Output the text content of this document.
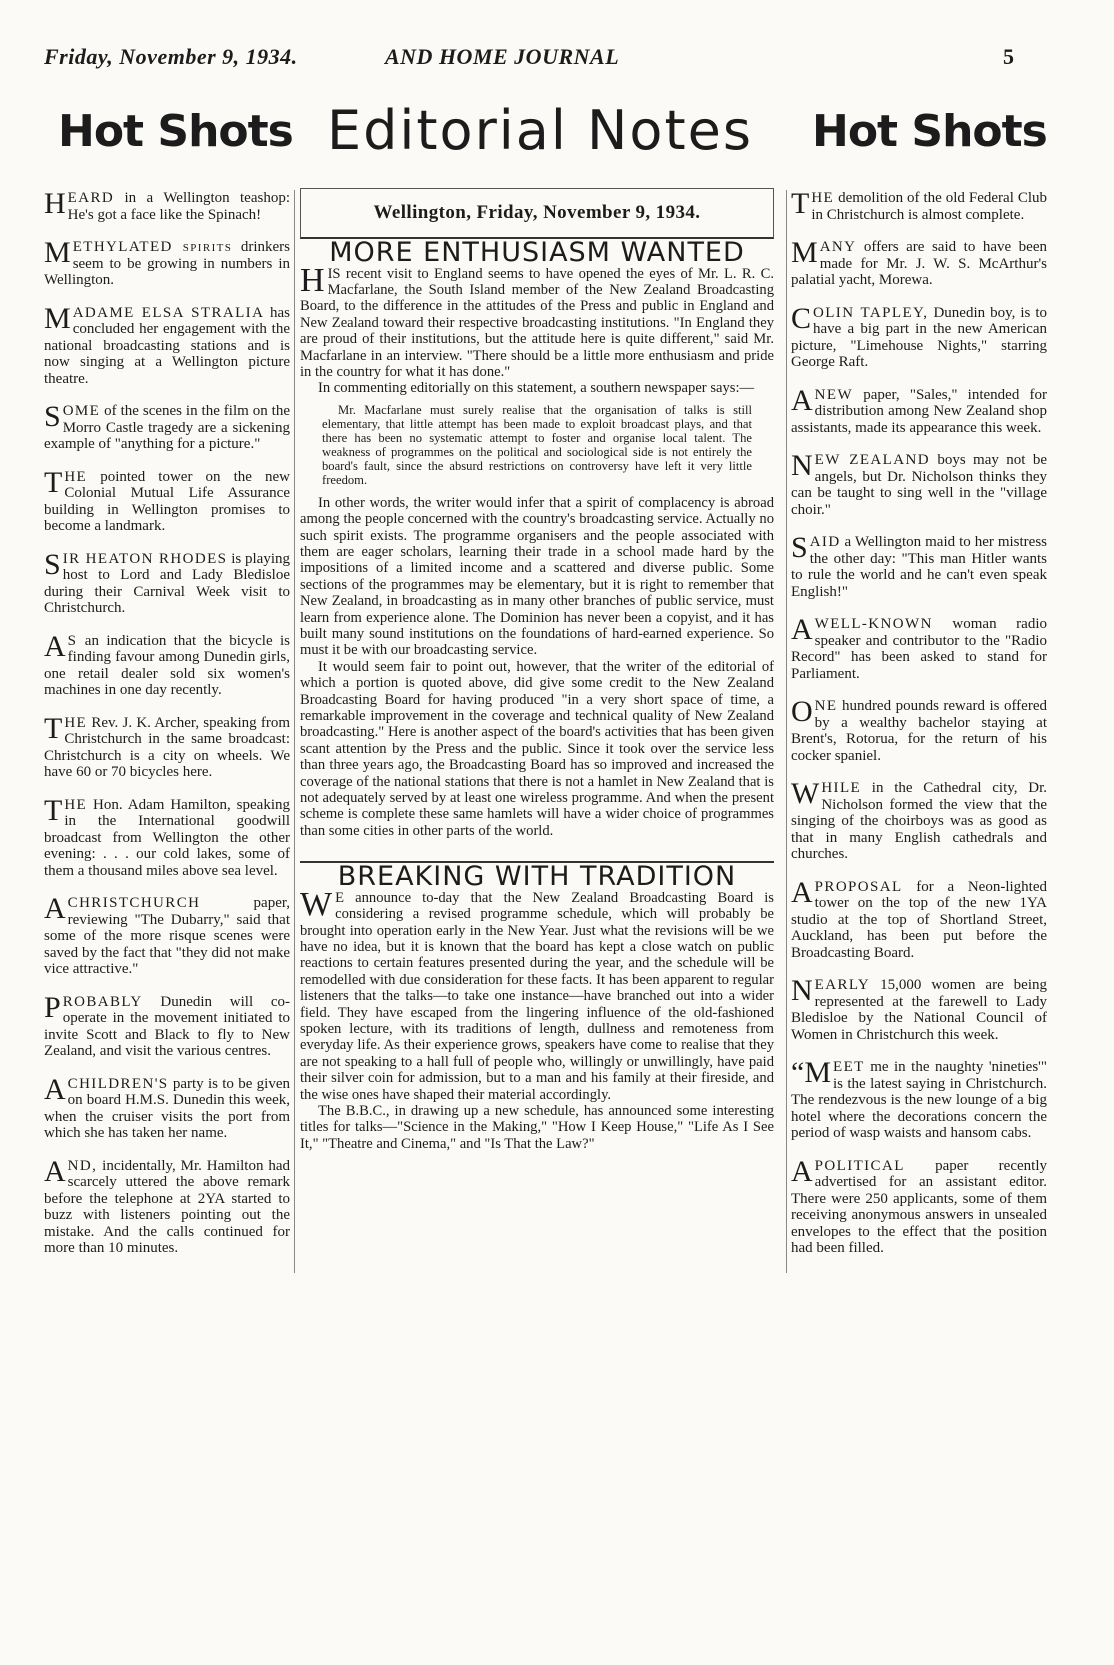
Friday, November 9, 1934.	AND HOME JOURNAL	5
Hot Shots Editorial Notes	Hot Shots

HEARD in a Wellington teashop: He's got a face like the Spinach!

METHYLATED spirits drinkers seem to be growing in numbers in Wellington.

MADAME ELSA STRALIA has concluded her engagement with the national broadcasting stations and is now singing at a Wellington picture theatre.

SOME of the scenes in the film on the Morro Castle tragedy are a sickening example of "anything for a picture."

THE pointed tower on the new Colonial Mutual Life Assurance building in Wellington promises to become a landmark.

SIR HEATON RHODES is playing host to Lord and Lady Bledisloe during their Carnival Week visit to Christchurch.

A S an indication that the bicycle is finding favour among Dunedin girls, one retail dealer sold six women's machines in one day recently.

THE Rev. J. K. Archer, speaking from Christchurch in the same broadcast: Christchurch is a city on wheels. We have 60 or 70 bicycles here.

THE Hon. Adam Hamilton, speaking in the International goodwill broadcast from Wellington the other evening: . . . our cold lakes, some of them a thousand miles above sea level.

A CHRISTCHURCH paper, reviewing "The Dubarry," said that some of the more risque scenes were saved by the fact that "they did not make vice attractive."

PROBABLY Dunedin will co-operate in the movement initiated to invite Scott and Black to fly to New Zealand, and visit the various centres.

A CHILDREN'S party is to be given on board H.M.S. Dunedin this week, when the cruiser visits the port from which she has taken her name.

AND, incidentally, Mr. Hamilton had scarcely uttered the above remark before the telephone at 2YA started to buzz with listeners pointing out the mistake. And the calls continued for more than 10 minutes.

Wellington, Friday, November 9, 1934.
MORE ENTHUSIASM WANTED

HIS recent visit to England seems to have opened the eyes of Mr. L. R. C. Macfarlane, the South Island member of the New Zealand Broadcasting Board, to the difference in the attitudes of the Press and public in England and New Zealand toward their respective broadcasting institutions. "In England they are proud of their institutions, but the attitude here is quite different," said Mr. Macfarlane in an interview. "There should be a little more enthusiasm and pride in the country for what it has done."

In commenting editorially on this statement, a southern newspaper says:—

Mr. Macfarlane must surely realise that the organisation of talks is still elementary, that little attempt has been made to exploit broadcast plays, and that there has been no systematic attempt to foster and organise local talent. The weakness of programmes on the political and sociological side is not entirely the board's fault, since the absurd restrictions on controversy have left it very little freedom.

In other words, the writer would infer that a spirit of complacency is abroad among the people concerned with the country's broadcasting service. Actually no such spirit exists. The programme organisers and the people associated with them are eager scholars, learning their trade in a school made hard by the impositions of a limited income and a scattered and diverse public. Some sections of the programmes may be elementary, but it is right to remember that New Zealand, in broadcasting as in many other branches of public service, must learn from experience alone. The Dominion has never been a copyist, and it has built many sound institutions on the foundations of hard-earned experience. So must it be with our broadcasting service.

It would seem fair to point out, however, that the writer of the editorial of which a portion is quoted above, did give some credit to the New Zealand Broadcasting Board for having produced "in a very short space of time, a remarkable improvement in the coverage and technical quality of New Zealand broadcasting." Here is another aspect of the board's activities that has been given scant attention by the Press and the public. Since it took over the service less than three years ago, the Broadcasting Board has so improved and increased the coverage of the national stations that there is not a hamlet in New Zealand that is not adequately served by at least one wireless programme. And when the present scheme is complete these same hamlets will have a wider choice of programmes than some cities in other parts of the world.

BREAKING WITH TRADITION

W E announce to-day that the New Zealand Broadcasting Board is considering a revised programme schedule, which will probably be brought into operation early in the New Year. Just what the revisions will be we have no idea, but it is known that the board has kept a close watch on public reactions to certain features presented during the year, and the schedule will be remodelled with due consideration for these facts. It has been apparent to regular listeners that the talks—to take one instance—have branched out into a wider field. They have escaped from the lingering influence of the old-fashioned spoken lecture, with its traditions of length, dullness and remoteness from everyday life. As their experience grows, speakers have come to realise that they are not speaking to a hall full of people who, willingly or unwillingly, have paid their silver coin for admission, but to a man and his family at their fireside, and the wise ones have shaped their material accordingly.

The B.B.C., in drawing up a new schedule, has announced some interesting titles for talks—"Science in the Making," "How I Keep House," "Life As I See It," "Theatre and Cinema," and "Is That the Law?"

THE demolition of the old Federal Club in Christchurch is almost complete.

MANY offers are said to have been made for Mr. J. W. S. McArthur's palatial yacht, Morewa.

COLIN TAPLEY, Dunedin boy, is to have a big part in the new American picture, "Limehouse Nights," starring George Raft.

A NEW paper, "Sales," intended for distribution among New Zealand shop assistants, made its appearance this week.

NEW ZEALAND boys may not be angels, but Dr. Nicholson thinks they can be taught to sing well in the "village choir."

SAID a Wellington maid to her mistress the other day: "This man Hitler wants to rule the world and he can't even speak English!"

A WELL-KNOWN woman radio speaker and contributor to the "Radio Record" has been asked to stand for Parliament.

ONE hundred pounds reward is offered by a wealthy bachelor staying at Brent's, Rotorua, for the return of his cocker spaniel.

WHILE in the Cathedral city, Dr. Nicholson formed the view that the singing of the choirboys was as good as that in many English cathedrals and churches.

A PROPOSAL for a Neon-lighted tower on the top of the new 1YA studio at the top of Shortland Street, Auckland, has been put before the Broadcasting Board.

NEARLY 15,000 women are being represented at the farewell to Lady Bledisloe by the National Council of Women in Christchurch this week.

“MEET me in the naughty 'nineties'" is the latest saying in Christchurch. The rendezvous is the new lounge of a big hotel where the decorations concern the period of wasp waists and hansom cabs.

A POLITICAL paper recently advertised for an assistant editor. There were 250 applicants, some of them receiving anonymous answers in unsealed envelopes to the effect that the position had been filled.
